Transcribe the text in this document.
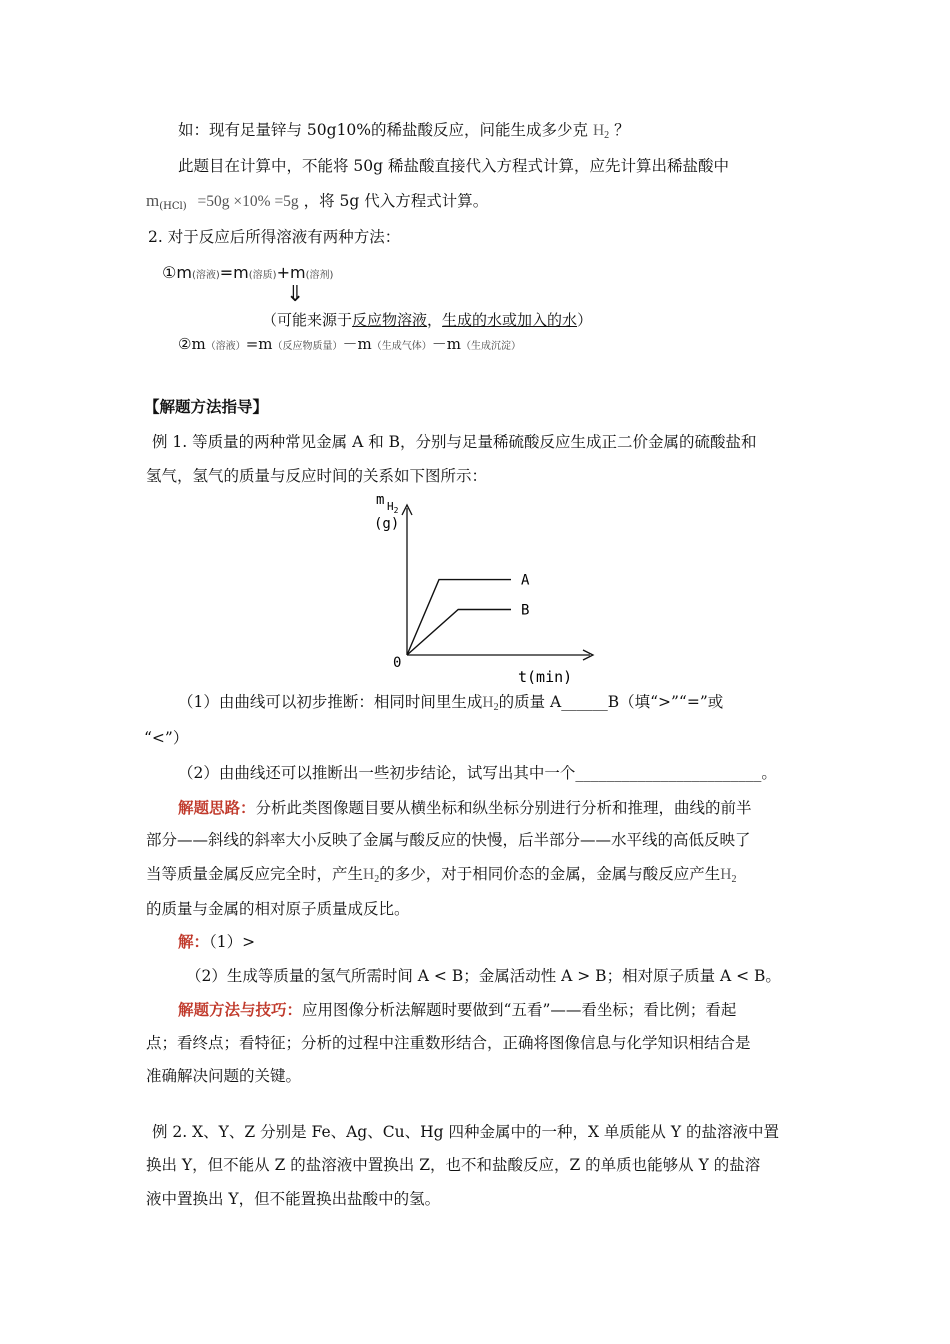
如：现有足量锌与 50g10%的稀盐酸反应，问能生成多少克 $H_2$ ？
此题目在计算中，不能将 50g 稀盐酸直接代入方程式计算，应先计算出稀盐酸中
$m_{(HCl)} =50g \times 10\% =5g$ ，将 5g 代入方程式计算。
2. 对于反应后所得溶液有两种方法：
①m(溶液)=m(溶质)+m(溶剂)
⇓
（可能来源于反应物溶液，生成的水或加入的水）
②m（溶液）=m（反应物质量）－m（生成气体）－m（生成沉淀）
【解题方法指导】
例 1. 等质量的两种常见金属 A 和 B，分别与足量稀硫酸反应生成正二价金属的硫酸盐和
氢气，氢气的质量与反应时间的关系如下图所示：
A
B
m $H_2$
(g)
0
t(min)
（1）由曲线可以初步推断：相同时间里生成$H_2$的质量 A______B（填“>”“=”或
“<”）
（2）由曲线还可以推断出一些初步结论，试写出其中一个________________________。
解题思路：分析此类图像题目要从横坐标和纵坐标分别进行分析和推理，曲线的前半
部分——斜线的斜率大小反映了金属与酸反应的快慢，后半部分——水平线的高低反映了
当等质量金属反应完全时，产生$H_2$的多少，对于相同价态的金属，金属与酸反应产生$H_2$
的质量与金属的相对原子质量成反比。
解：（1）>
（2）生成等质量的氢气所需时间 A < B；金属活动性 A > B；相对原子质量 A < B。
解题方法与技巧：应用图像分析法解题时要做到“五看”——看坐标；看比例；看起
点；看终点；看特征；分析的过程中注重数形结合，正确将图像信息与化学知识相结合是
准确解决问题的关键。
例 2. X、Y、Z 分别是 Fe、Ag、Cu、Hg 四种金属中的一种，X 单质能从 Y 的盐溶液中置
换出 Y，但不能从 Z 的盐溶液中置换出 Z，也不和盐酸反应，Z 的单质也能够从 Y 的盐溶
液中置换出 Y，但不能置换出盐酸中的氢。
